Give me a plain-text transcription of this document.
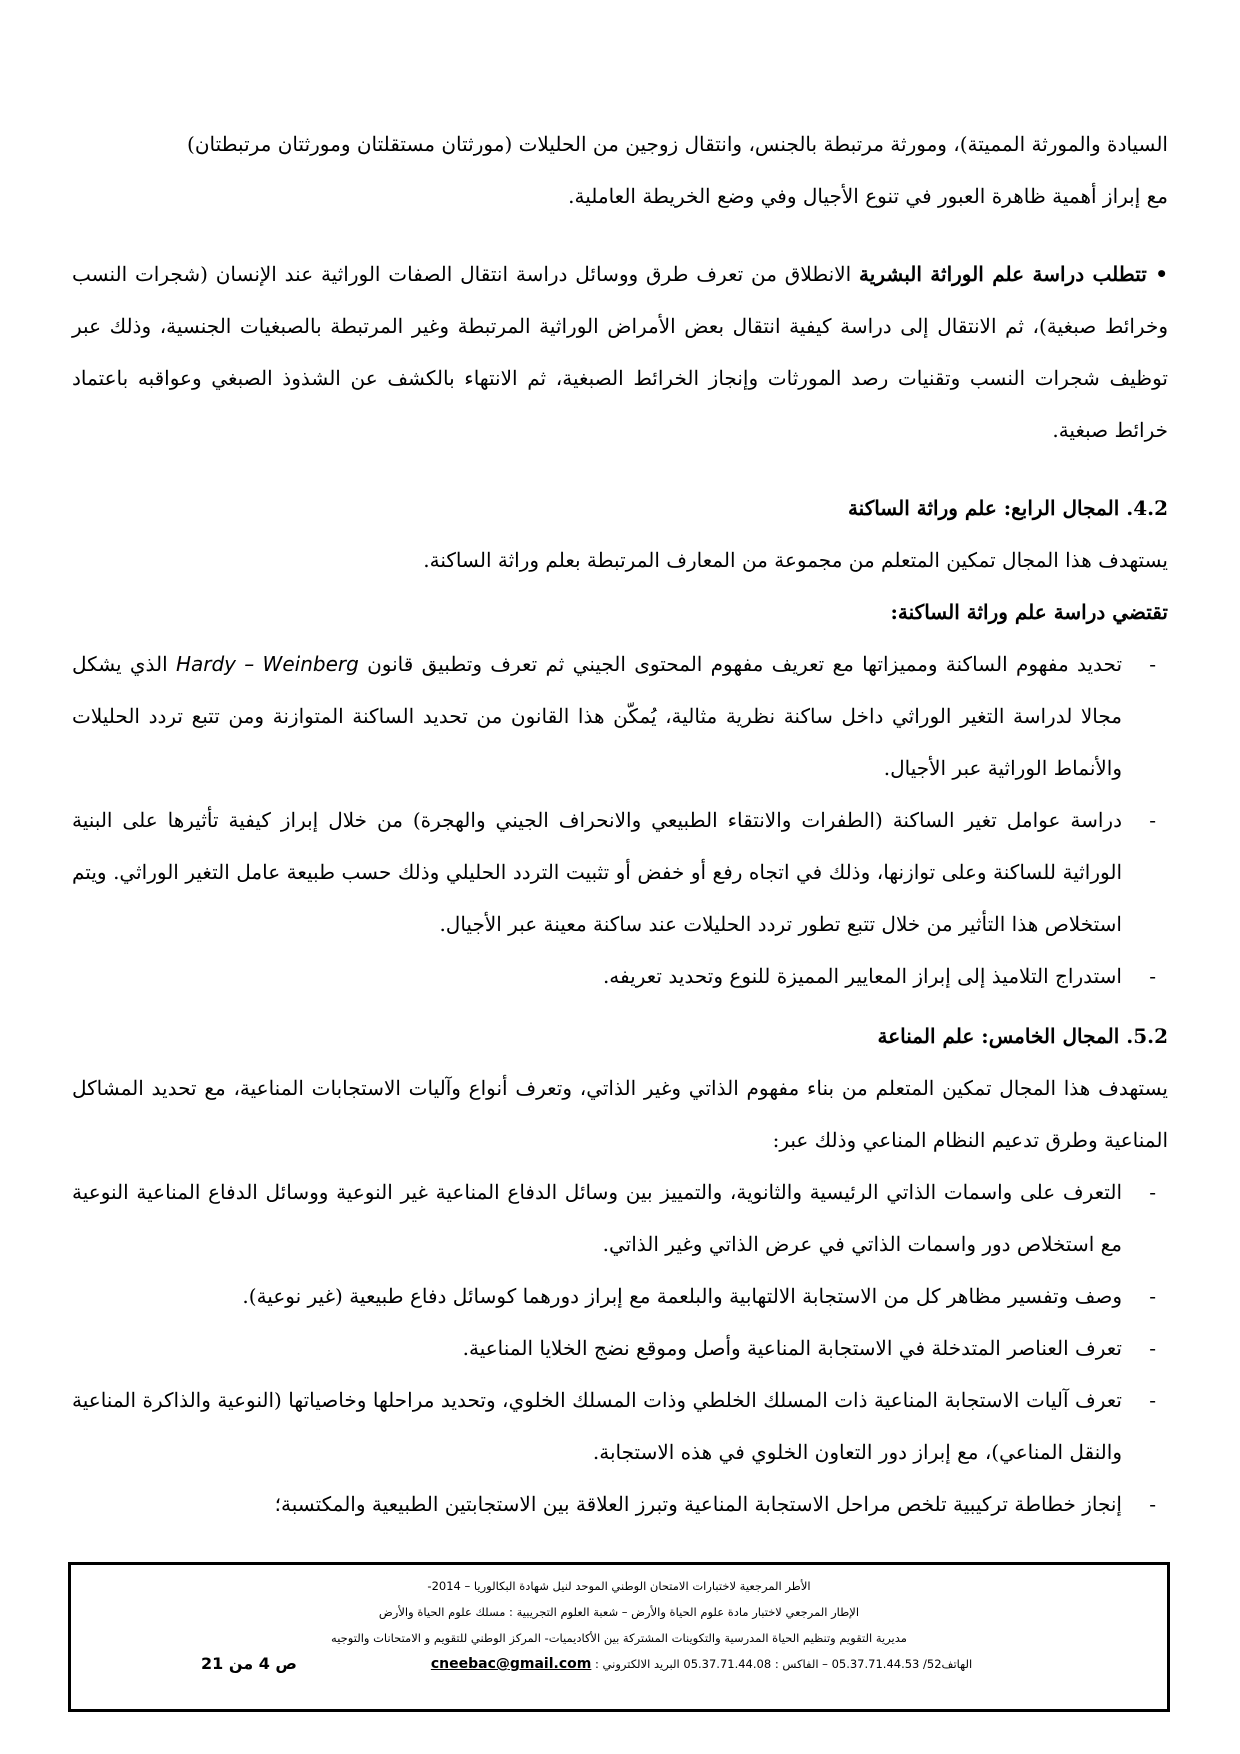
السيادة والمورثة المميتة)، ومورثة مرتبطة بالجنس، وانتقال زوجين من الحليلات (مورثتان مستقلتان ومورثتان مرتبطتان)

مع إبراز أهمية ظاهرة العبور في تنوع الأجيال وفي وضع الخريطة العاملية.

• تتطلب دراسة علم الوراثة البشرية الانطلاق من تعرف طرق ووسائل دراسة انتقال الصفات الوراثية عند الإنسان (شجرات النسب وخرائط صبغية)، ثم الانتقال إلى دراسة كيفية انتقال بعض الأمراض الوراثية المرتبطة وغير المرتبطة بالصبغيات الجنسية، وذلك عبر توظيف شجرات النسب وتقنيات رصد المورثات وإنجاز الخرائط الصبغية، ثم الانتهاء بالكشف عن الشذوذ الصبغي وعواقبه باعتماد خرائط صبغية.

4.2. المجال الرابع: علم وراثة الساكنة

يستهدف هذا المجال تمكين المتعلم من مجموعة من المعارف المرتبطة بعلم وراثة الساكنة.

تقتضي دراسة علم وراثة الساكنة:
- تحديد مفهوم الساكنة ومميزاتها مع تعريف مفهوم المحتوى الجيني ثم تعرف وتطبيق قانون Hardy – Weinberg الذي يشكل مجالا لدراسة التغير الوراثي داخل ساكنة نظرية مثالية، يُمكّن هذا القانون من تحديد الساكنة المتوازنة ومن تتبع تردد الحليلات والأنماط الوراثية عبر الأجيال.
- دراسة عوامل تغير الساكنة (الطفرات والانتقاء الطبيعي والانحراف الجيني والهجرة) من خلال إبراز كيفية تأثيرها على البنية الوراثية للساكنة وعلى توازنها، وذلك في اتجاه رفع أو خفض أو تثبيت التردد الحليلي وذلك حسب طبيعة عامل التغير الوراثي. ويتم استخلاص هذا التأثير من خلال تتبع تطور تردد الحليلات عند ساكنة معينة عبر الأجيال.
- استدراج التلاميذ إلى إبراز المعايير المميزة للنوع وتحديد تعريفه.
5.2. المجال الخامس: علم المناعة

يستهدف هذا المجال تمكين المتعلم من بناء مفهوم الذاتي وغير الذاتي، وتعرف أنواع وآليات الاستجابات المناعية، مع تحديد المشاكل المناعية وطرق تدعيم النظام المناعي وذلك عبر:

- التعرف على واسمات الذاتي الرئيسية والثانوية، والتمييز بين وسائل الدفاع المناعية غير النوعية ووسائل الدفاع المناعية النوعية مع استخلاص دور واسمات الذاتي في عرض الذاتي وغير الذاتي.
- وصف وتفسير مظاهر كل من الاستجابة الالتهابية والبلعمة مع إبراز دورهما كوسائل دفاع طبيعية (غير نوعية).
- تعرف العناصر المتدخلة في الاستجابة المناعية وأصل وموقع نضج الخلايا المناعية.
- تعرف آليات الاستجابة المناعية ذات المسلك الخلطي وذات المسلك الخلوي، وتحديد مراحلها وخاصياتها (النوعية والذاكرة المناعية والنقل المناعي)، مع إبراز دور التعاون الخلوي في هذه الاستجابة.
- إنجاز خطاطة تركيبية تلخص مراحل الاستجابة المناعية وتبرز العلاقة بين الاستجابتين الطبيعية والمكتسبة؛
الأطر المرجعية لاختبارات الامتحان الوطني الموحد لنيل شهادة البكالوريا – 2014-
الإطار المرجعي لاختبار مادة علوم الحياة والأرض – شعبة العلوم التجريبية : مسلك علوم الحياة والأرض
مديرية التقويم وتنظيم الحياة المدرسية والتكوينات المشتركة بين الأكاديميات- المركز الوطني للتقويم و الامتحانات والتوجيه
الهاتف52/ 05.37.71.44.53 – الفاكس : 05.37.71.44.08 البريد الالكتروني : cneebac@gmail.com
ص 4 من 21
